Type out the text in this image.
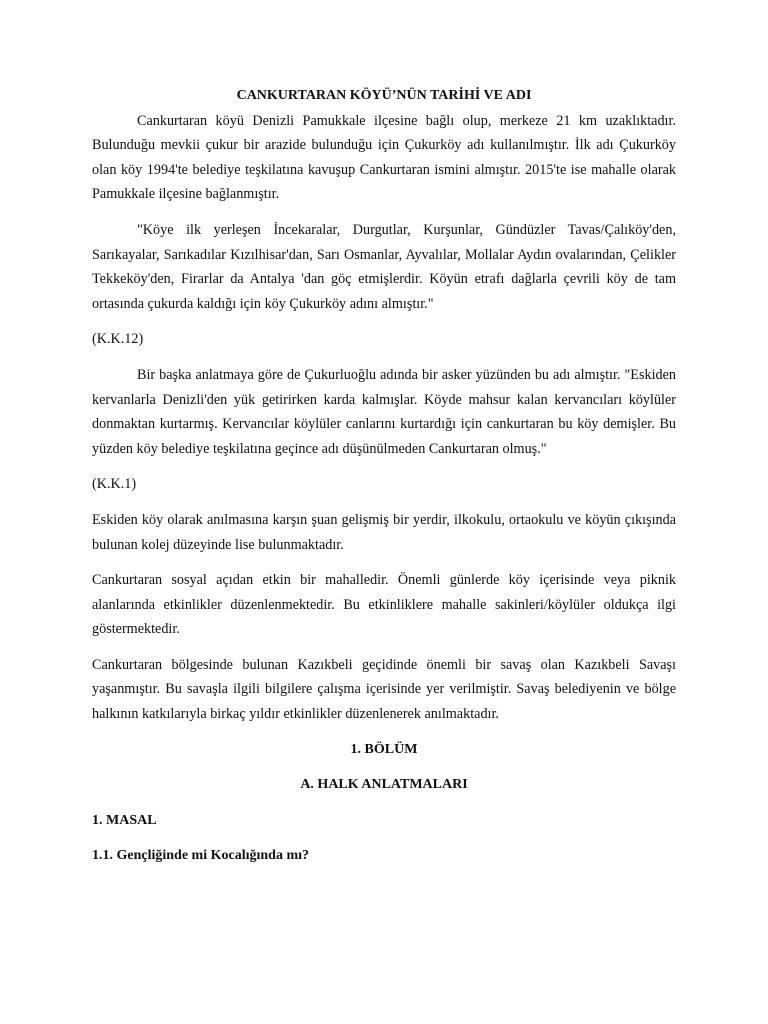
CANKURTARAN KÖYÜ’NÜN TARİHİ VE ADI

Cankurtaran köyü Denizli Pamukkale ilçesine bağlı olup, merkeze 21 km uzaklıktadır. Bulunduğu mevkii çukur bir arazide bulunduğu için Çukurköy adı kullanılmıştır. İlk adı Çukurköy olan köy 1994'te belediye teşkilatına kavuşup Cankurtaran ismini almıştır. 2015'te ise mahalle olarak Pamukkale ilçesine bağlanmıştır.

"Köye ilk yerleşen İncekaralar, Durgutlar, Kurşunlar, Gündüzler Tavas/Çalıköy'den, Sarıkayalar, Sarıkadılar Kızılhisar'dan, Sarı Osmanlar, Ayvalılar, Mollalar Aydın ovalarından, Çelikler Tekkeköy'den, Firarlar da Antalya 'dan göç etmişlerdir. Köyün etrafı dağlarla çevrili köy de tam ortasında çukurda kaldığı için köy Çukurköy adını almıştır."

(K.K.12)

Bir başka anlatmaya göre de Çukurluoğlu adında bir asker yüzünden bu adı almıştır. "Eskiden kervanlarla Denizli'den yük getirirken karda kalmışlar. Köyde mahsur kalan kervancıları köylüler donmaktan kurtarmış. Kervancılar köylüler canlarını kurtardığı için cankurtaran bu köy demişler. Bu yüzden köy belediye teşkilatına geçince adı düşünülmeden Cankurtaran olmuş."

(K.K.1)

Eskiden köy olarak anılmasına karşın şuan gelişmiş bir yerdir, ilkokulu, ortaokulu ve köyün çıkışında bulunan kolej düzeyinde lise bulunmaktadır.

Cankurtaran sosyal açıdan etkin bir mahalledir. Önemli günlerde köy içerisinde veya piknik alanlarında etkinlikler düzenlenmektedir. Bu etkinliklere mahalle sakinleri/köylüler oldukça ilgi göstermektedir.

Cankurtaran bölgesinde bulunan Kazıkbeli geçidinde önemli bir savaş olan Kazıkbeli Savaşı yaşanmıştır. Bu savaşla ilgili bilgilere çalışma içerisinde yer verilmiştir. Savaş belediyenin ve bölge halkının katkılarıyla birkaç yıldır etkinlikler düzenlenerek anılmaktadır.

1. BÖLÜM
A. HALK ANLATMALARI
1. MASAL
1.1. Gençliğinde mi Kocalığında mı?
